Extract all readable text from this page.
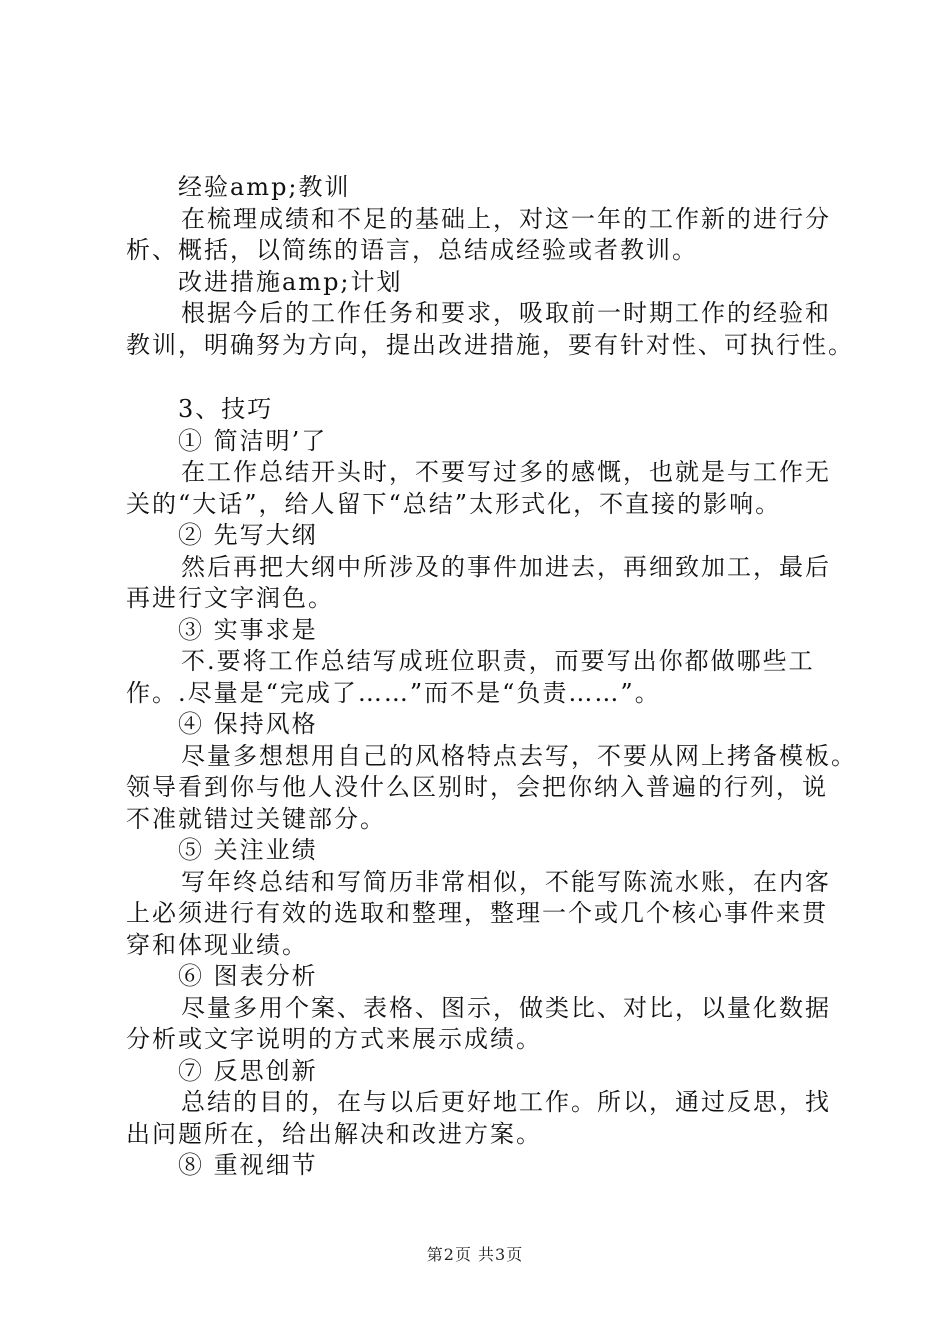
经验amp;教训
在梳理成绩和不足的基础上，对这一年的工作新的进行分
析、概括，以简练的语言，总结成经验或者教训。
改进措施amp;计划
根据今后的工作任务和要求，吸取前一时期工作的经验和
教训，明确努为方向，提出改进措施，要有针对性、可执行性。
3、技巧
① 简洁明’了
在工作总结开头时，不要写过多的感慨，也就是与工作无
关的“大话”，给人留下“总结”太形式化，不直接的影响。
② 先写大纲
然后再把大纲中所涉及的事件加进去，再细致加工，最后
再进行文字润色。
③ 实事求是
不.要将工作总结写成班位职责，而要写出你都做哪些工
作。.尽量是“完成了……”而不是“负责……”。
④ 保持风格
尽量多想想用自己的风格特点去写，不要从网上拷备模板。
领导看到你与他人没什么区别时，会把你纳入普遍的行列，说
不准就错过关键部分。
⑤ 关注业绩
写年终总结和写简历非常相似，不能写陈流水账，在内客
上必须进行有效的选取和整理，整理一个或几个核心事件来贯
穿和体现业绩。
⑥ 图表分析
尽量多用个案、表格、图示，做类比、对比，以量化数据
分析或文字说明的方式来展示成绩。
⑦ 反思创新
总结的目的，在与以后更好地工作。所以，通过反思，找
出问题所在，给出解决和改进方案。
⑧ 重视细节
第2页 共3页
